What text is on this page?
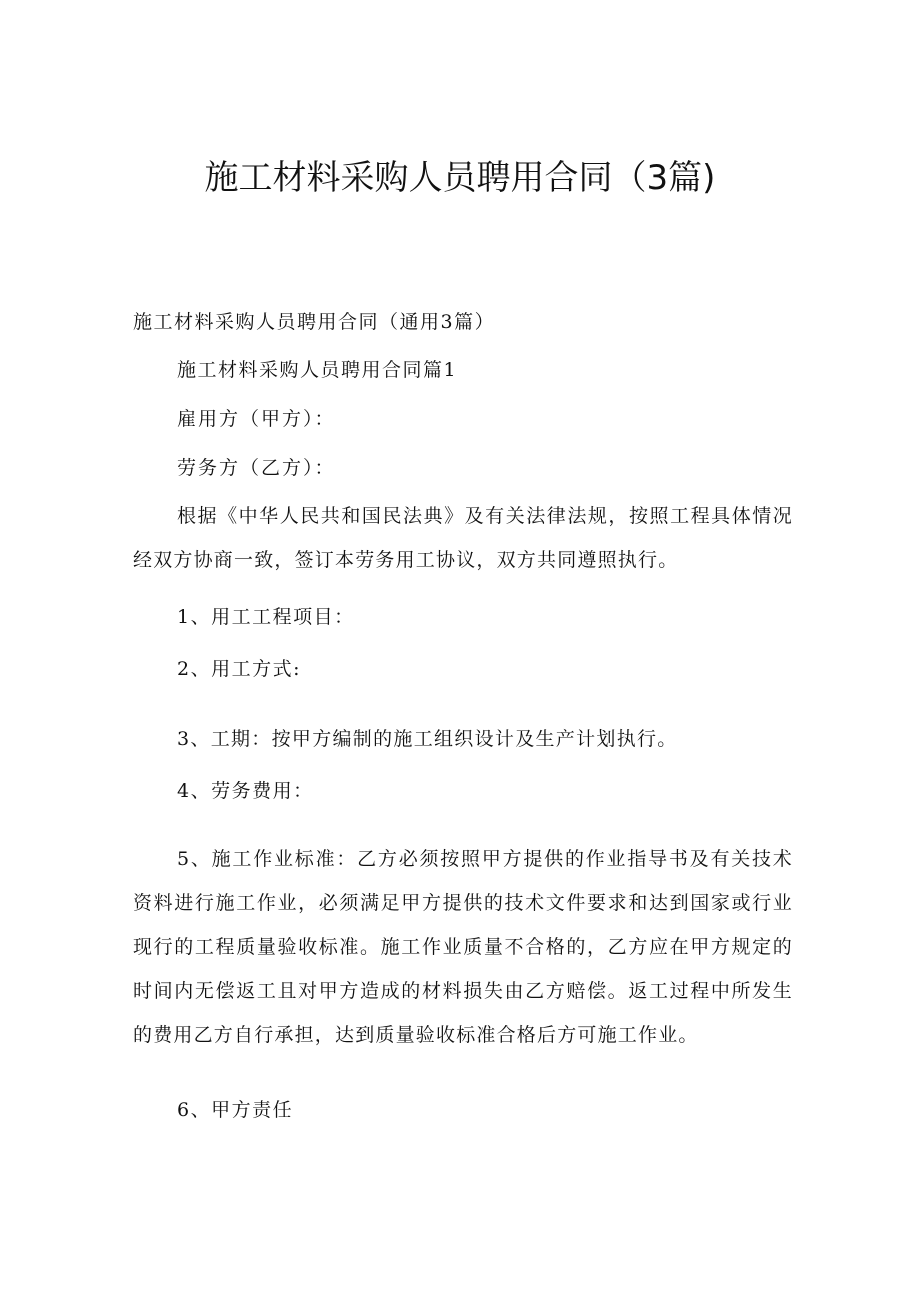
施工材料采购人员聘用合同（3篇)

施工材料采购人员聘用合同（通用3篇）

施工材料采购人员聘用合同篇1

雇用方（甲方）：

劳务方（乙方）：

根据《中华人民共和国民法典》及有关法律法规，按照工程具体情况经双方协商一致，签订本劳务用工协议，双方共同遵照执行。

1、用工工程项目：

2、用工方式:

3、工期：按甲方编制的施工组织设计及生产计划执行。

4、劳务费用：

5、施工作业标准：乙方必须按照甲方提供的作业指导书及有关技术资料进行施工作业，必须满足甲方提供的技术文件要求和达到国家或行业现行的工程质量验收标准。施工作业质量不合格的，乙方应在甲方规定的时间内无偿返工且对甲方造成的材料损失由乙方赔偿。返工过程中所发生的费用乙方自行承担，达到质量验收标准合格后方可施工作业。

6、甲方责任
